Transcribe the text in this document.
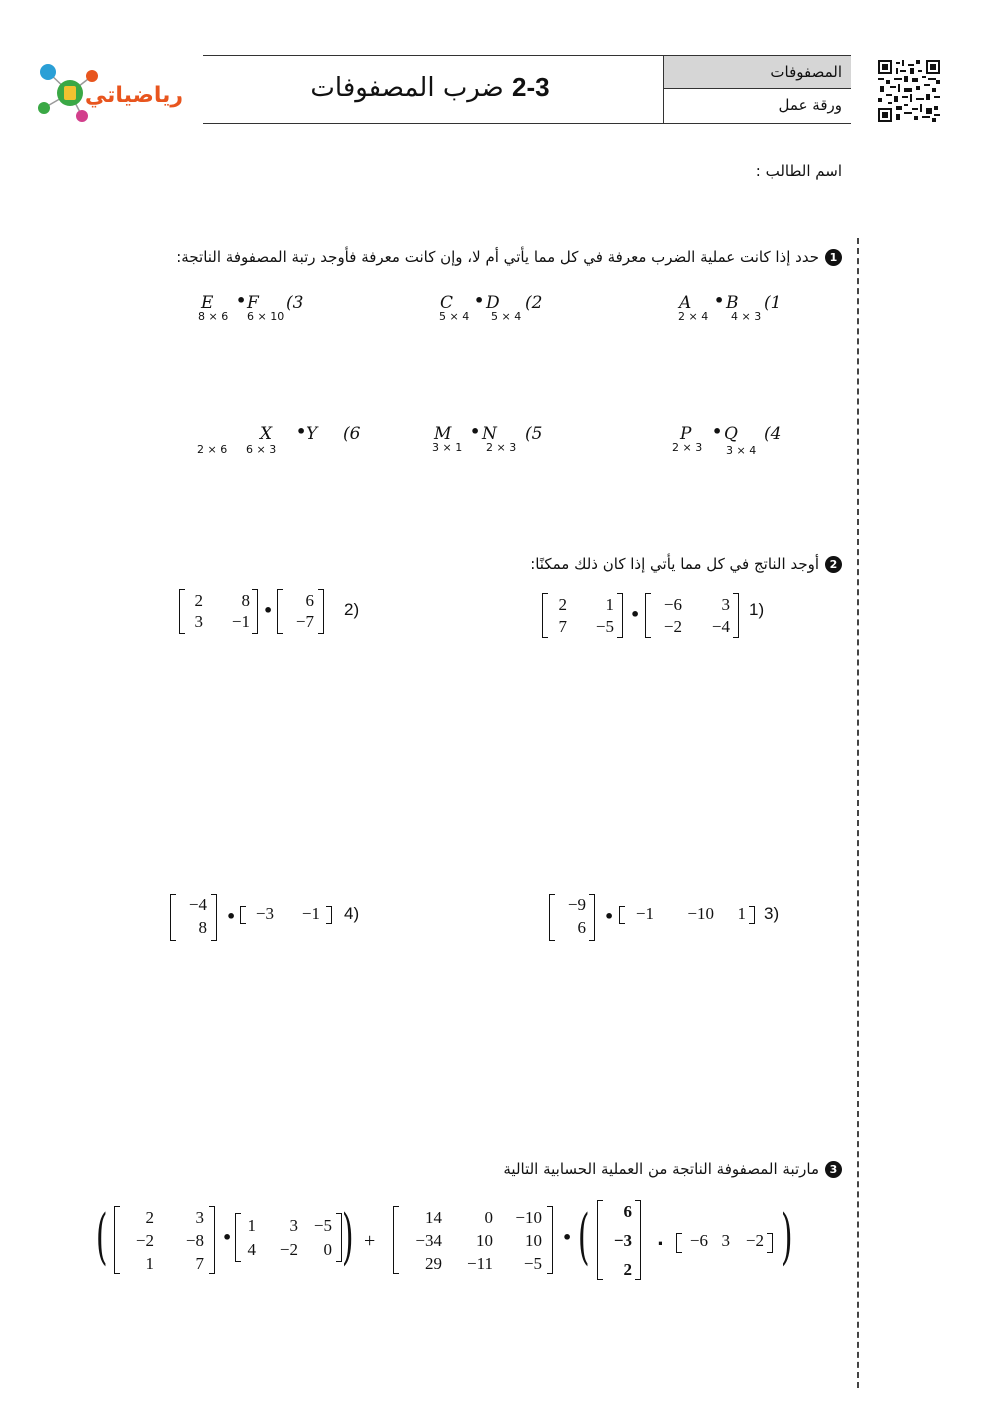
رياضياتي	2-3 ضرب المصفوفات
المصفوفات
ورقة عمل
اسم الطالب :
1حدد إذا كانت عملية الضرب معرفة في كل مما يأتي أم لا، وإن كانت معرفة فأوجد رتبة المصفوفة الناتجة:
(1
A
2 × 4
• B
4 × 3
(2
C
5 × 4
• D
5 × 4
(3
E
8 × 6
• F
6 × 10
(4
P
2 × 3
• Q
3 × 4
(5
M
3 × 1
• N
2 × 3
(6
X
2 × 6
• Y
6 × 3
2أوجد الناتج في كل مما يأتي إذا كان ذلك ممكنًا:
1)
2	1
7	−5
•
−6	3
−2	−4
2)
2	8
3	−1
•
6
−7
3)
−9
6
•	−1	−10	1
4)
−4
8
•	−3	−1
3مارتبة المصفوفة الناتجة من العملية الحسابية التالية
(	2	3
−2	−8
1	7
•
1	3 −5
4	−2	0 ) +
14	0	−10
−34	10	10
29	−11	−5
• (	6
−3
2
.	−6 3 −2 )
